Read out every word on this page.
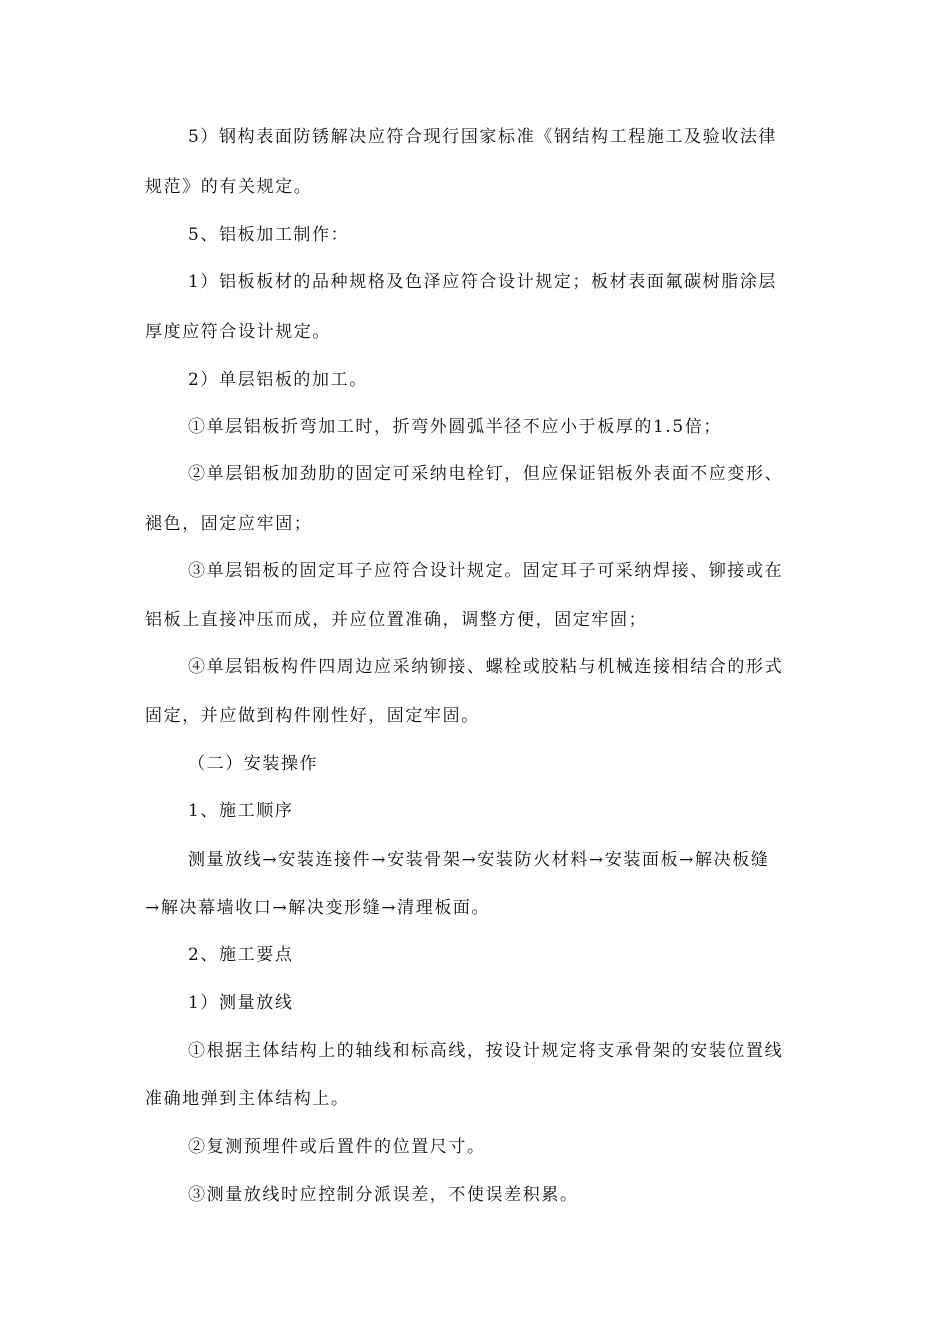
5）钢构表面防锈解决应符合现行国家标准《钢结构工程施工及验收法律
规范》的有关规定。
5、铝板加工制作：
1）铝板板材的品种规格及色泽应符合设计规定；板材表面氟碳树脂涂层
厚度应符合设计规定。
2）单层铝板的加工。
①单层铝板折弯加工时，折弯外圆弧半径不应小于板厚的1.5倍；
②单层铝板加劲肋的固定可采纳电栓钉，但应保证铝板外表面不应变形、
褪色，固定应牢固；
③单层铝板的固定耳子应符合设计规定。固定耳子可采纳焊接、铆接或在
铝板上直接冲压而成，并应位置准确，调整方便，固定牢固；
④单层铝板构件四周边应采纳铆接、螺栓或胶粘与机械连接相结合的形式
固定，并应做到构件刚性好，固定牢固。
（二）安装操作
1、施工顺序
测量放线→安装连接件→安装骨架→安装防火材料→安装面板→解决板缝
→解决幕墙收口→解决变形缝→清理板面。
2、施工要点
1）测量放线
①根据主体结构上的轴线和标高线，按设计规定将支承骨架的安装位置线
准确地弹到主体结构上。
②复测预埋件或后置件的位置尺寸。
③测量放线时应控制分派误差，不使误差积累。
